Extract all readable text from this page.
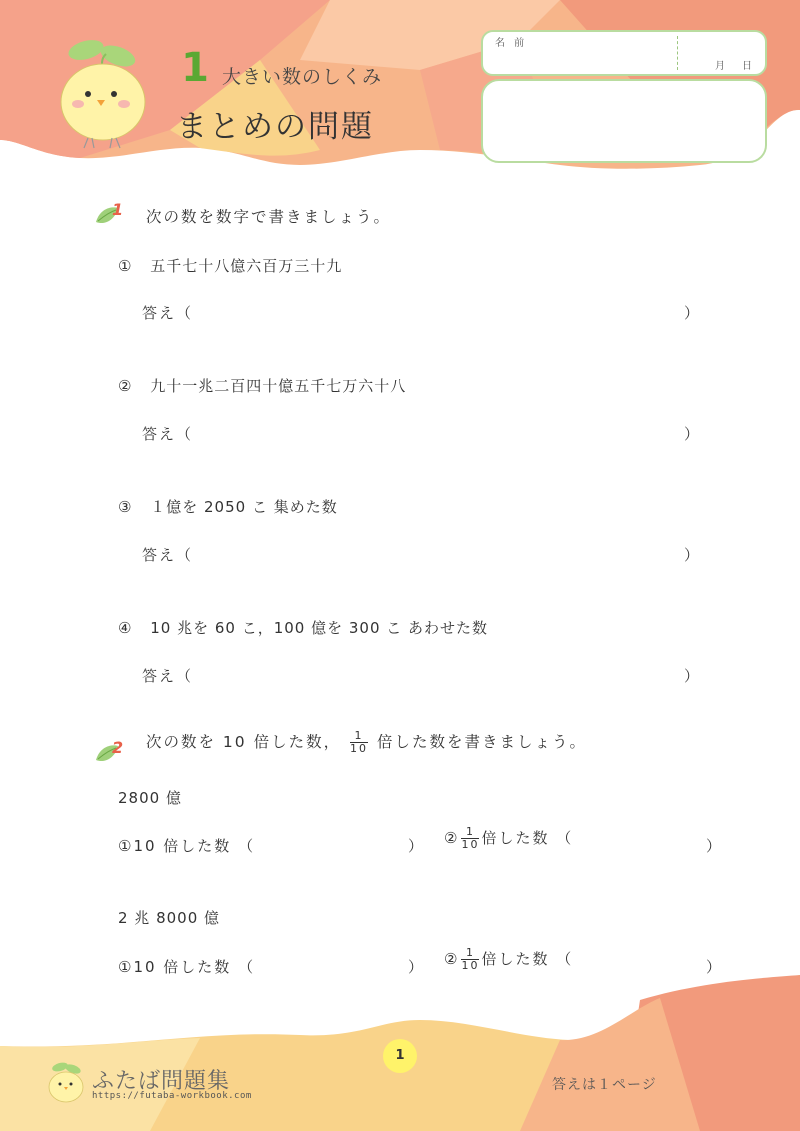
1 大きい数のしくみ
まとめの問題
名 前
月 日
1 次の数を数字で書きましょう。
① 五千七十八億六百万三十九
答え（	）
② 九十一兆二百四十億五千七万六十八
答え（	）
③ １億を 2050 こ 集めた数
答え（	）
④ 10 兆を 60 こ，100 億を 300 こ あわせた数
答え（	）
2 次の数を 10 倍した数， $\frac{1}{10}$ 倍した数を書きましょう。
2800 億
①10 倍した数 （	） ② $\frac{1}{10}$ 倍した数 （	）
2 兆 8000 億
①10 倍した数 （	） ② $\frac{1}{10}$ 倍した数 （	）
1
ふたば問題集
https://futaba-workbook.com
答えは１ページ
